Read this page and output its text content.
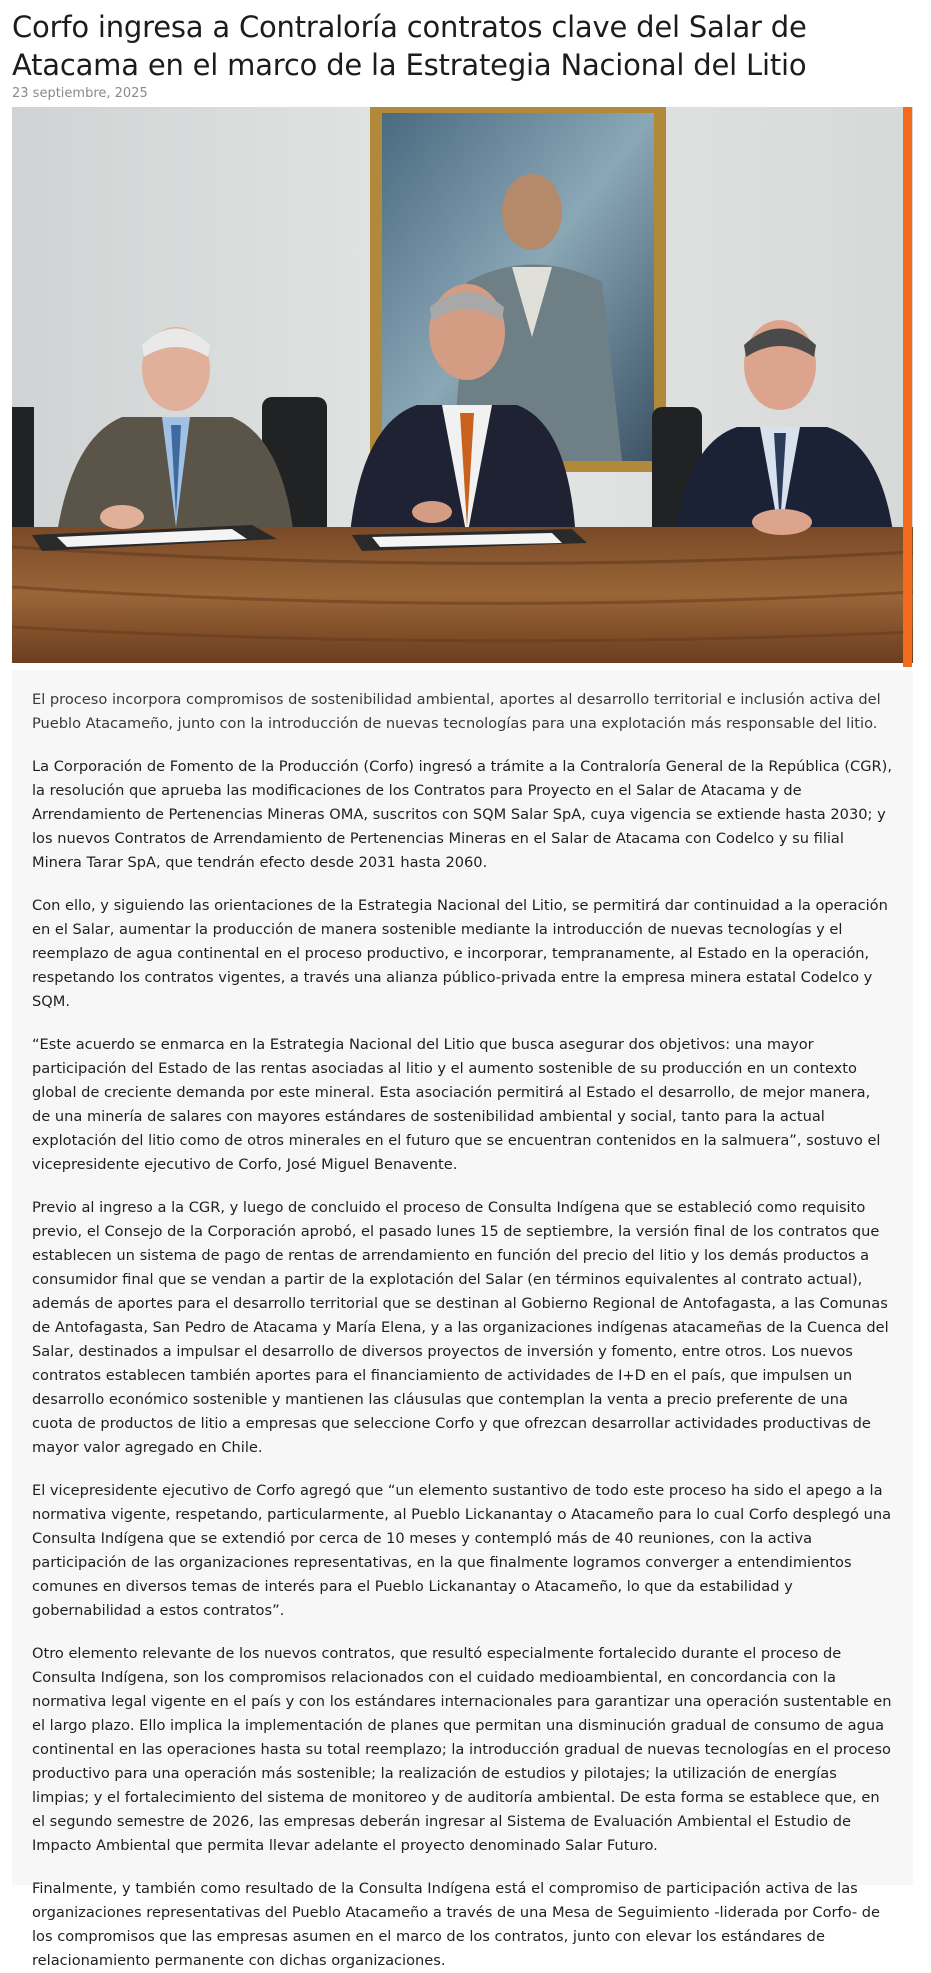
Corfo ingresa a Contraloría contratos clave del Salar de Atacama en el marco de la Estrategia Nacional del Litio
23 septiembre, 2025

El proceso incorpora compromisos de sostenibilidad ambiental, aportes al desarrollo territorial e inclusión activa del Pueblo Atacameño, junto con la introducción de nuevas tecnologías para una explotación más responsable del litio.

La Corporación de Fomento de la Producción (Corfo) ingresó a trámite a la Contraloría General de la República (CGR), la resolución que aprueba las modificaciones de los Contratos para Proyecto en el Salar de Atacama y de Arrendamiento de Pertenencias Mineras OMA, suscritos con SQM Salar SpA, cuya vigencia se extiende hasta 2030; y los nuevos Contratos de Arrendamiento de Pertenencias Mineras en el Salar de Atacama con Codelco y su filial Minera Tarar SpA, que tendrán efecto desde 2031 hasta 2060.

Con ello, y siguiendo las orientaciones de la Estrategia Nacional del Litio, se permitirá dar continuidad a la operación en el Salar, aumentar la producción de manera sostenible mediante la introducción de nuevas tecnologías y el reemplazo de agua continental en el proceso productivo, e incorporar, tempranamente, al Estado en la operación, respetando los contratos vigentes, a través una alianza público-privada entre la empresa minera estatal Codelco y SQM.

“Este acuerdo se enmarca en la Estrategia Nacional del Litio que busca asegurar dos objetivos: una mayor participación del Estado de las rentas asociadas al litio y el aumento sostenible de su producción en un contexto global de creciente demanda por este mineral. Esta asociación permitirá al Estado el desarrollo, de mejor manera, de una minería de salares con mayores estándares de sostenibilidad ambiental y social, tanto para la actual explotación del litio como de otros minerales en el futuro que se encuentran contenidos en la salmuera”, sostuvo el vicepresidente ejecutivo de Corfo, José Miguel Benavente.

Previo al ingreso a la CGR, y luego de concluido el proceso de Consulta Indígena que se estableció como requisito previo, el Consejo de la Corporación aprobó, el pasado lunes 15 de septiembre, la versión final de los contratos que establecen un sistema de pago de rentas de arrendamiento en función del precio del litio y los demás productos a consumidor final que se vendan a partir de la explotación del Salar (en términos equivalentes al contrato actual), además de aportes para el desarrollo territorial que se destinan al Gobierno Regional de Antofagasta, a las Comunas de Antofagasta, San Pedro de Atacama y María Elena, y a las organizaciones indígenas atacameñas de la Cuenca del Salar, destinados a impulsar el desarrollo de diversos proyectos de inversión y fomento, entre otros. Los nuevos contratos establecen también aportes para el financiamiento de actividades de I+D en el país, que impulsen un desarrollo económico sostenible y mantienen las cláusulas que contemplan la venta a precio preferente de una cuota de productos de litio a empresas que seleccione Corfo y que ofrezcan desarrollar actividades productivas de mayor valor agregado en Chile.

El vicepresidente ejecutivo de Corfo agregó que “un elemento sustantivo de todo este proceso ha sido el apego a la normativa vigente, respetando, particularmente, al Pueblo Lickanantay o Atacameño para lo cual Corfo desplegó una Consulta Indígena que se extendió por cerca de 10 meses y contempló más de 40 reuniones, con la activa participación de las organizaciones representativas, en la que finalmente logramos converger a entendimientos comunes en diversos temas de interés para el Pueblo Lickanantay o Atacameño, lo que da estabilidad y gobernabilidad a estos contratos”.

Otro elemento relevante de los nuevos contratos, que resultó especialmente fortalecido durante el proceso de Consulta Indígena, son los compromisos relacionados con el cuidado medioambiental, en concordancia con la normativa legal vigente en el país y con los estándares internacionales para garantizar una operación sustentable en el largo plazo. Ello implica la implementación de planes que permitan una disminución gradual de consumo de agua continental en las operaciones hasta su total reemplazo; la introducción gradual de nuevas tecnologías en el proceso productivo para una operación más sostenible; la realización de estudios y pilotajes; la utilización de energías limpias; y el fortalecimiento del sistema de monitoreo y de auditoría ambiental. De esta forma se establece que, en el segundo semestre de 2026, las empresas deberán ingresar al Sistema de Evaluación Ambiental el Estudio de Impacto Ambiental que permita llevar adelante el proyecto denominado Salar Futuro.

Finalmente, y también como resultado de la Consulta Indígena está el compromiso de participación activa de las organizaciones representativas del Pueblo Atacameño a través de una Mesa de Seguimiento -liderada por Corfo- de los compromisos que las empresas asumen en el marco de los contratos, junto con elevar los estándares de relacionamiento permanente con dichas organizaciones.
